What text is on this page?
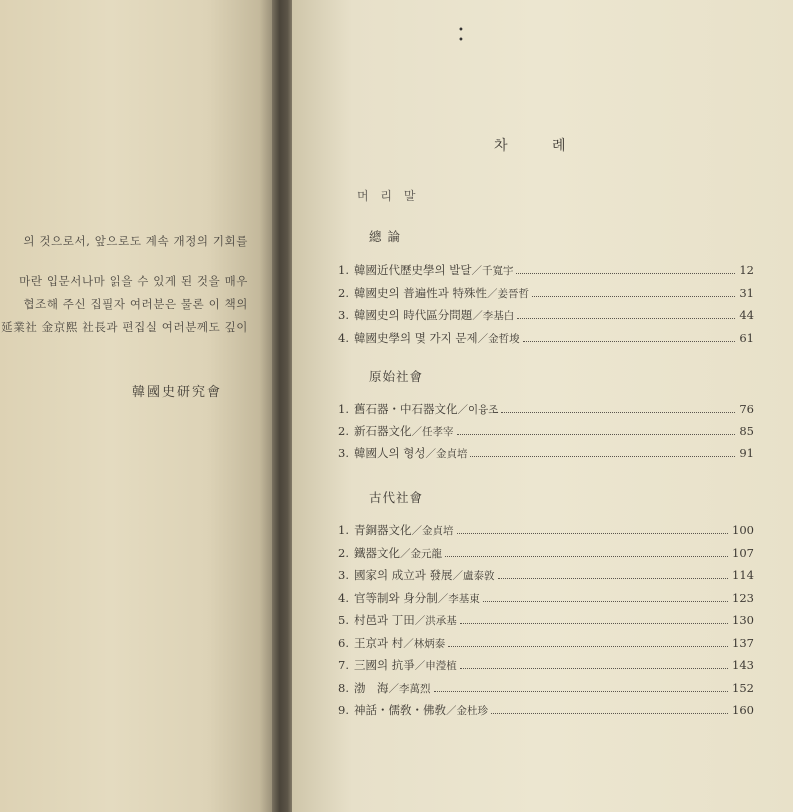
의 것으로서, 앞으로도 계속 개정의 기회를
마란 입문서나마 읽을 수 있게 된 것을 매우
협조해 주신 집필자 여러분은 물론 이 책의
延業社 金京熙 社長과 편집실 여러분께도 깊이
韓國史研究會
•
•
차 례
머 리 말
總 論
原始社會
古代社會
1. 韓國近代歷史學의 발달 ／千寬宇	12
2. 韓國史의 普遍性과 特殊性 ／姜晉哲	31
3. 韓國史의 時代區分問題 ／李基白	44
4. 韓國史學의 몇 가지 문제 ／金哲埈	61
1. 舊石器・中石器文化 ／이융조	76
2. 新石器文化 ／任孝宰	85
3. 韓國人의 형성 ／金貞培	91
1. 青銅器文化 ／金貞培	100
2. 鐵器文化 ／金元龍	107
3. 國家의 成立과 發展 ／盧泰敦	114
4. 官等制와 身分制 ／李基東	123
5. 村邑과 丁田 ／洪承基	130
6. 王京과 村 ／林炳泰	137
7. 三國의 抗爭 ／申瀅植	143
8. 渤　海 ／李萬烈	152
9. 神話・儒敎・佛敎 ／金杜珍	160
